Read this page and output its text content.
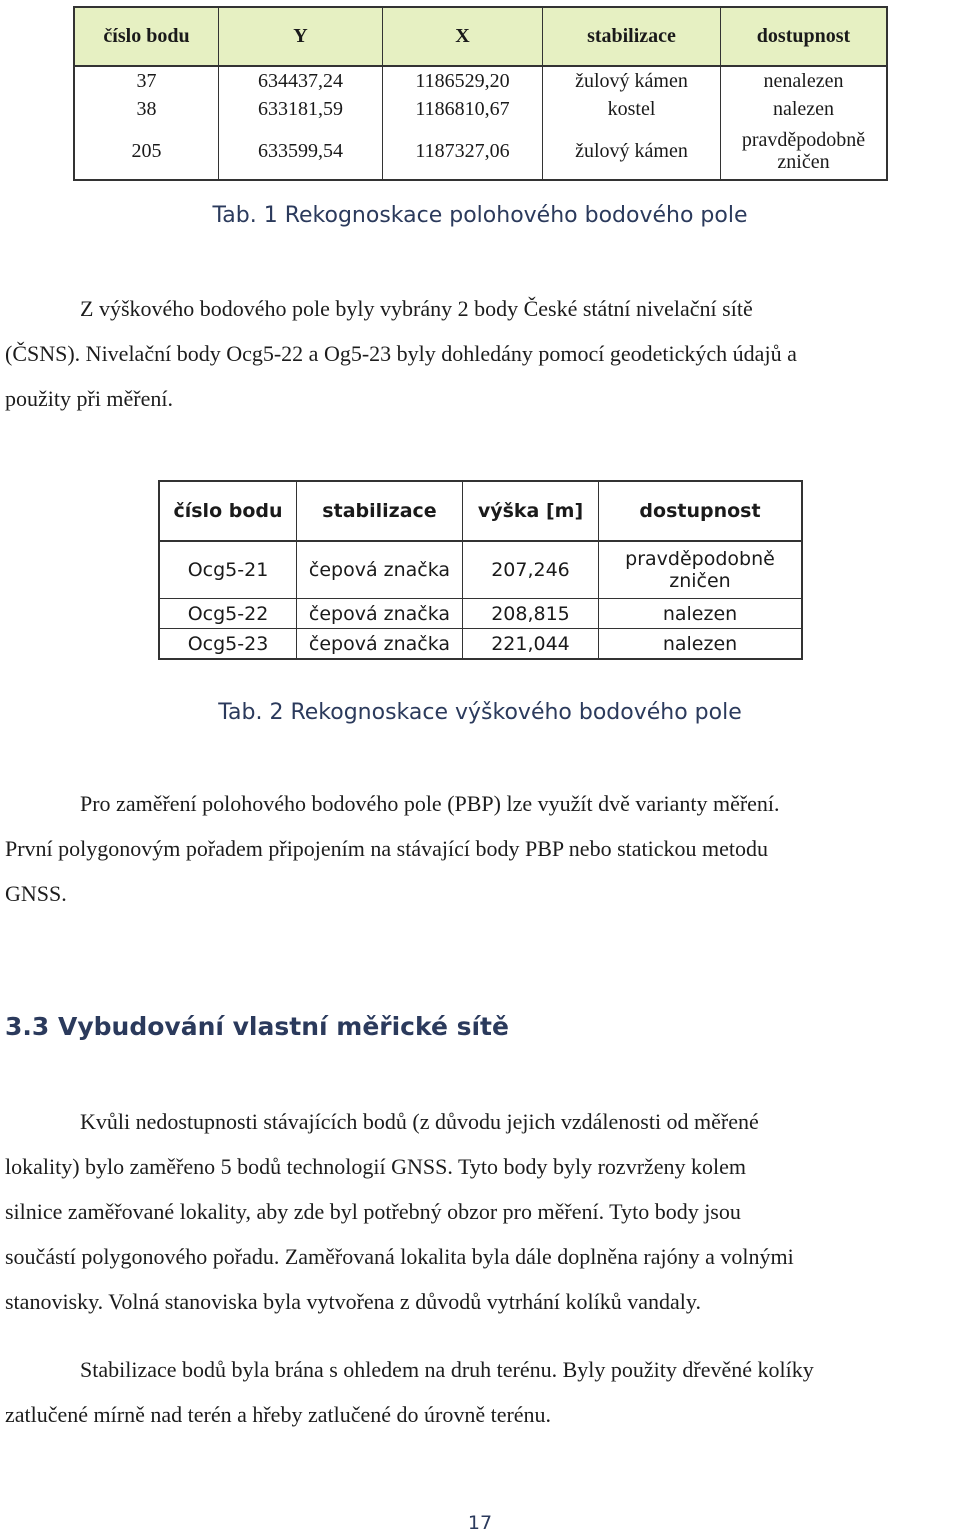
číslo bodu	Y	X	stabilizace	dostupnost
37	634437,24	1186529,20	žulový kámen	nenalezen
38	633181,59	1186810,67	kostel	nalezen
205	633599,54	1187327,06	žulový kámen	pravděpodobně
zničen
Tab. 1 Rekognoskace polohového bodového pole
Z výškového bodového pole byly vybrány 2 body České státní nivelační sítě
(ČSNS). Nivelační body Ocg5-22 a Og5-23 byly dohledány pomocí geodetických údajů a
použity při měření.
číslo bodu	stabilizace	výška [m]	dostupnost
Ocg5-21	čepová značka	207,246	pravděpodobně
zničen

Ocg5-22	čepová značka	208,815	nalezen
Ocg5-23	čepová značka	221,044	nalezen
Tab. 2 Rekognoskace výškového bodového pole
Pro zaměření polohového bodového pole (PBP) lze využít dvě varianty měření.
První polygonovým pořadem připojením na stávající body PBP nebo statickou metodu
GNSS.
3.3 Vybudování vlastní měřické sítě
Kvůli nedostupnosti stávajících bodů (z důvodu jejich vzdálenosti od měřené
lokality) bylo zaměřeno 5 bodů technologií GNSS. Tyto body byly rozvrženy kolem
silnice zaměřované lokality, aby zde byl potřebný obzor pro měření. Tyto body jsou
součástí polygonového pořadu. Zaměřovaná lokalita byla dále doplněna rajóny a volnými
stanovisky. Volná stanoviska byla vytvořena z důvodů vytrhání kolíků vandaly.
Stabilizace bodů byla brána s ohledem na druh terénu. Byly použity dřevěné kolíky
zatlučené mírně nad terén a hřeby zatlučené do úrovně terénu.
17
